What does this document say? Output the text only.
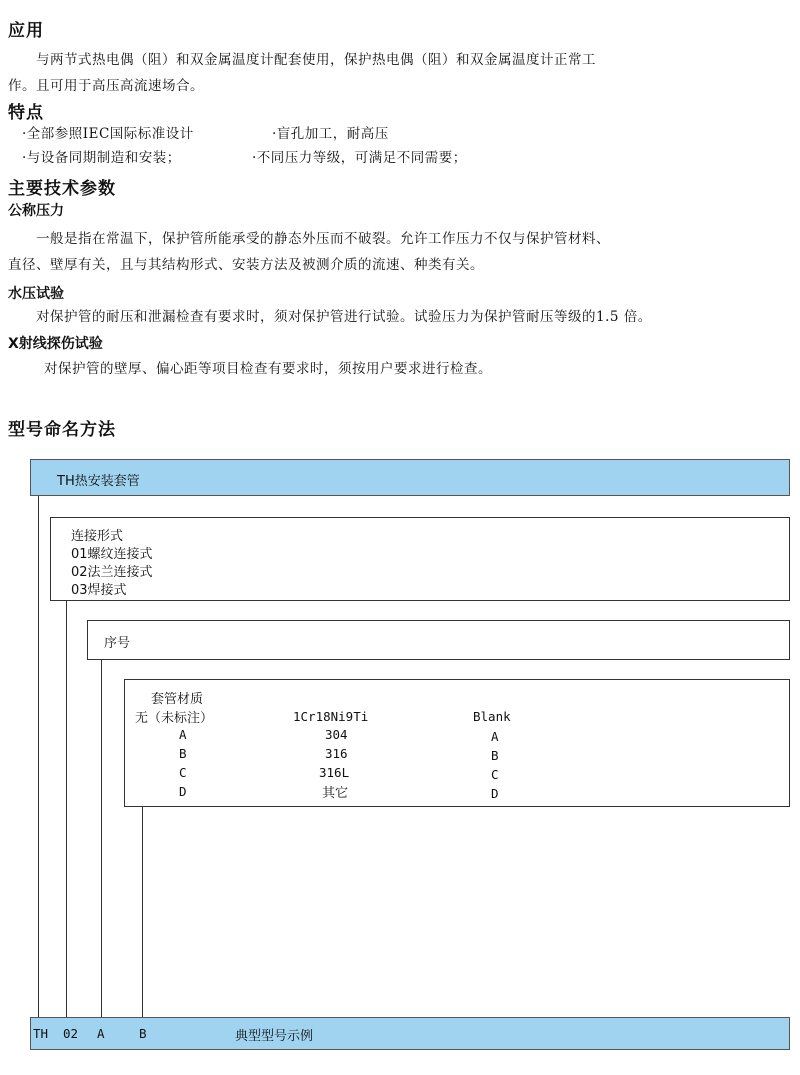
应用
与两节式热电偶（阻）和双金属温度计配套使用，保护热电偶（阻）和双金属温度计正常工
作。且可用于高压高流速场合。
特点
·全部参照IEC国际标准设计	·盲孔加工，耐高压
·与设备同期制造和安装；	·不同压力等级，可满足不同需要；
主要技术参数
公称压力
一般是指在常温下，保护管所能承受的静态外压而不破裂。允许工作压力不仅与保护管材料、
直径、壁厚有关，且与其结构形式、安装方法及被测介质的流速、种类有关。
水压试验
对保护管的耐压和泄漏检查有要求时，须对保护管进行试验。试验压力为保护管耐压等级的1.5 倍。
X射线探伤试验
对保护管的壁厚、偏心距等项目检查有要求时，须按用户要求进行检查。
型号命名方法
TH热安装套管
连接形式
01螺纹连接式
02法兰连接式
03焊接式
序号
套管材质
无（未标注）	1Cr18Ni9Ti	Blank
A	304	A
B	316	B
C	316L	C
D	其它	D
TH 02 A	B	典型型号示例
